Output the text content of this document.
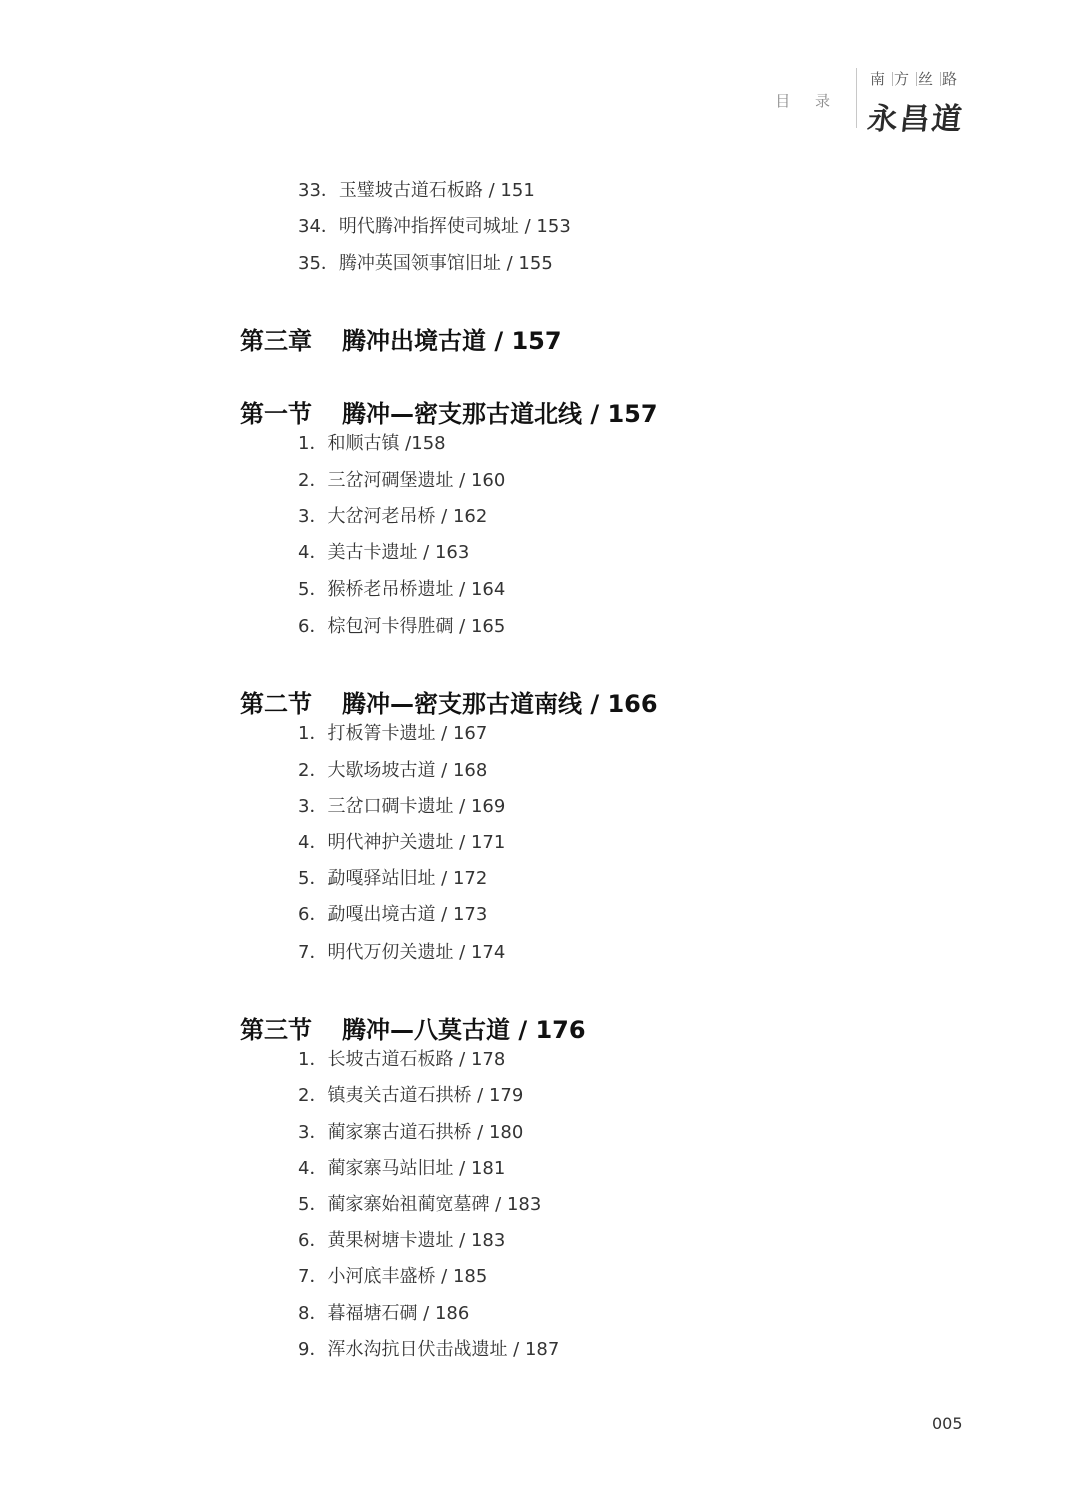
目 录
南 方 丝 路
永昌道
33．玉璧坡古道石板路 / 151
34．明代腾冲指挥使司城址 / 153
35．腾冲英国领事馆旧址 / 155
第三章 腾冲出境古道 / 157
第一节 腾冲—密支那古道北线 / 157
1．和顺古镇 /158
2．三岔河碉堡遗址 / 160
3．大岔河老吊桥 / 162
4．美古卡遗址 / 163
5．猴桥老吊桥遗址 / 164
6．棕包河卡得胜碉 / 165
第二节 腾冲—密支那古道南线 / 166
1．打板箐卡遗址 / 167
2．大歇场坡古道 / 168
3．三岔口碉卡遗址 / 169
4．明代神护关遗址 / 171
5．勐嘎驿站旧址 / 172
6．勐嘎出境古道 / 173
7．明代万仞关遗址 / 174
第三节 腾冲—八莫古道 / 176
1．长坡古道石板路 / 178
2．镇夷关古道石拱桥 / 179
3．蔺家寨古道石拱桥 / 180
4．蔺家寨马站旧址 / 181
5．蔺家寨始祖蔺宽墓碑 / 183
6．黄果树塘卡遗址 / 183
7．小河底丰盛桥 / 185
8．暮福塘石碉 / 186
9．浑水沟抗日伏击战遗址 / 187
005
